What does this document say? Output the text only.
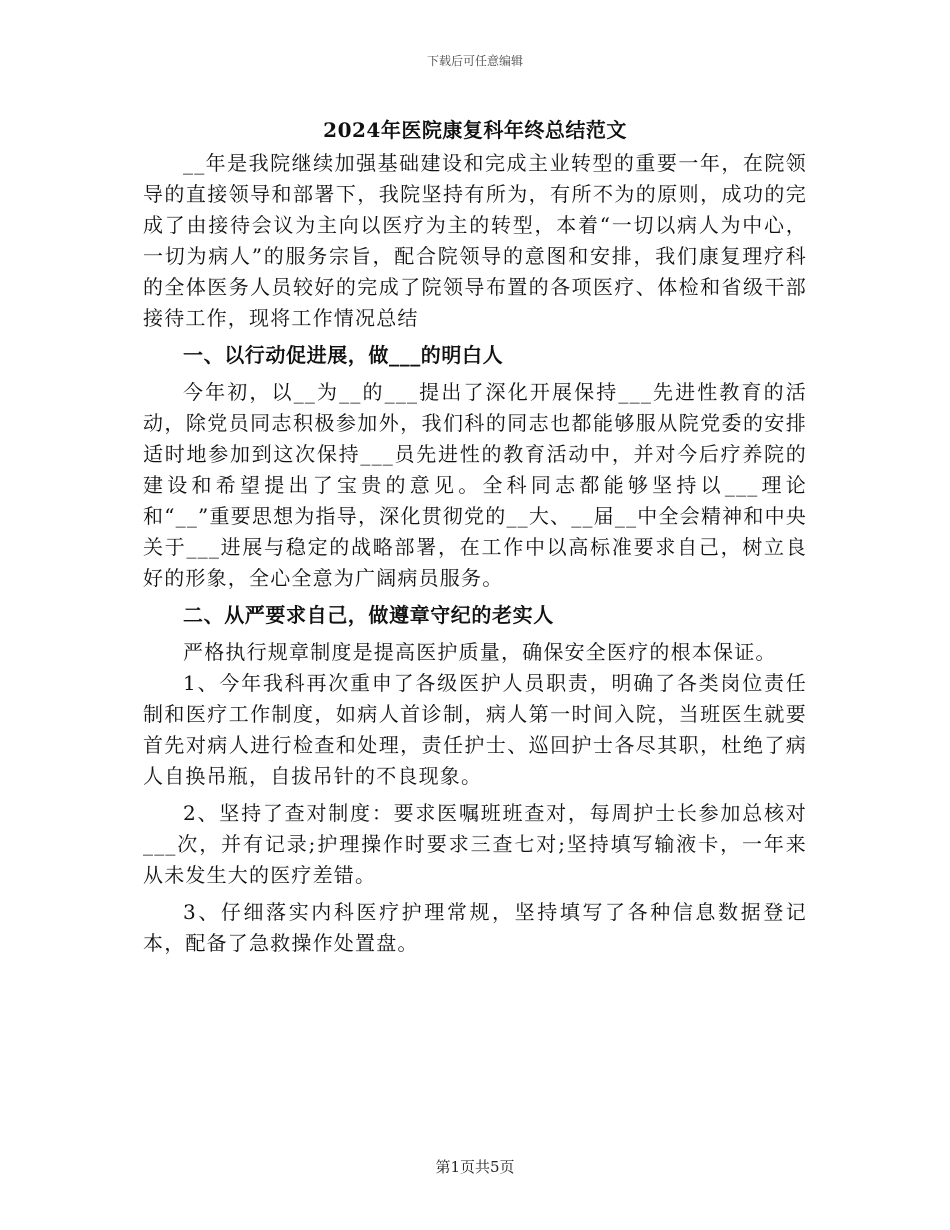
下载后可任意编辑
2024年医院康复科年终总结范文

__年是我院继续加强基础建设和完成主业转型的重要一年，在院领导的直接领导和部署下，我院坚持有所为，有所不为的原则，成功的完成了由接待会议为主向以医疗为主的转型，本着“一切以病人为中心，一切为病人”的服务宗旨，配合院领导的意图和安排，我们康复理疗科的全体医务人员较好的完成了院领导布置的各项医疗、体检和省级干部接待工作，现将工作情况总结

一、以行动促进展，做___的明白人

今年初，以__为__的___提出了深化开展保持___先进性教育的活动，除党员同志积极参加外，我们科的同志也都能够服从院党委的安排适时地参加到这次保持___员先进性的教育活动中，并对今后疗养院的建设和希望提出了宝贵的意见。全科同志都能够坚持以___理论和“__”重要思想为指导，深化贯彻党的__大、__届__中全会精神和中央关于___进展与稳定的战略部署，在工作中以高标准要求自己，树立良好的形象，全心全意为广阔病员服务。

二、从严要求自己，做遵章守纪的老实人

严格执行规章制度是提高医护质量，确保安全医疗的根本保证。

1、今年我科再次重申了各级医护人员职责，明确了各类岗位责任制和医疗工作制度，如病人首诊制，病人第一时间入院，当班医生就要首先对病人进行检查和处理，责任护士、巡回护士各尽其职，杜绝了病人自换吊瓶，自拔吊针的不良现象。

2、坚持了查对制度：要求医嘱班班查对，每周护士长参加总核对___次，并有记录;护理操作时要求三查七对;坚持填写输液卡，一年来从未发生大的医疗差错。

3、仔细落实内科医疗护理常规，坚持填写了各种信息数据登记本，配备了急救操作处置盘。

第1页共5页
